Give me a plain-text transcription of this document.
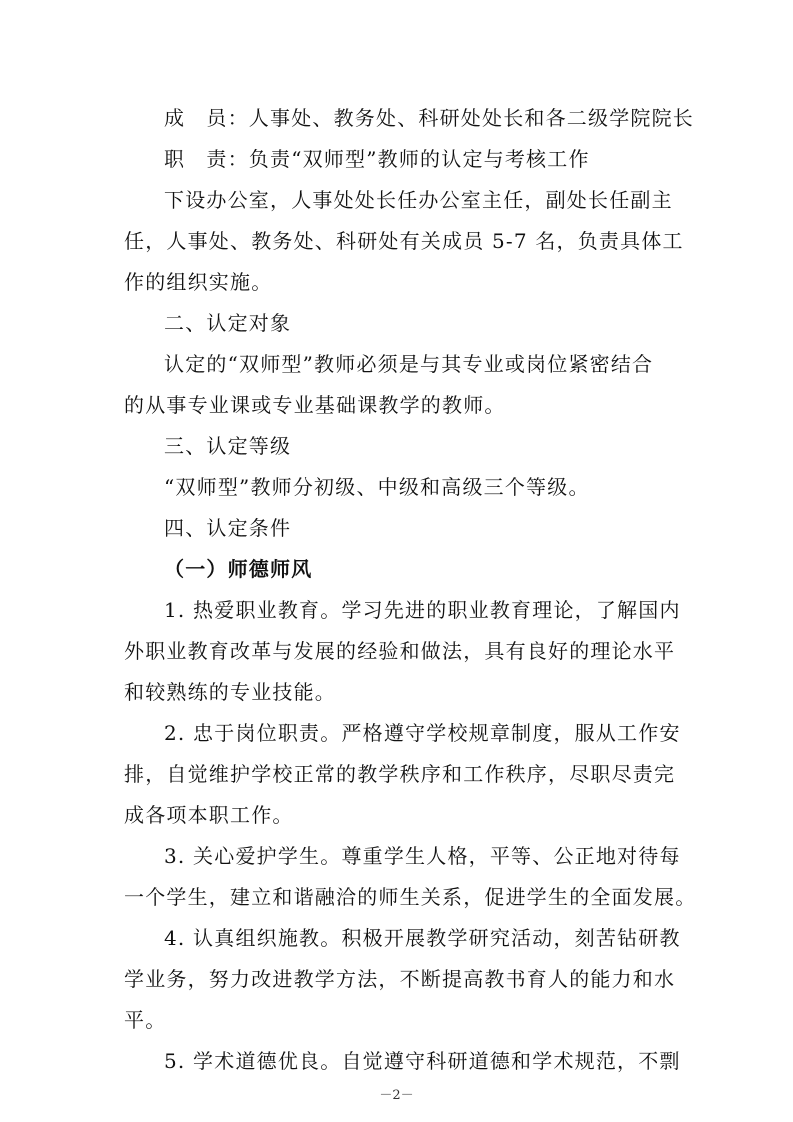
成　员：人事处、教务处、科研处处长和各二级学院院长
职　责：负责“双师型”教师的认定与考核工作
下设办公室，人事处处长任办公室主任，副处长任副主
任，人事处、教务处、科研处有关成员 5-7 名，负责具体工
作的组织实施。
二、认定对象
认定的“双师型”教师必须是与其专业或岗位紧密结合
的从事专业课或专业基础课教学的教师。
三、认定等级
“双师型”教师分初级、中级和高级三个等级。
四、认定条件
（一）师德师风
1. 热爱职业教育。学习先进的职业教育理论，了解国内
外职业教育改革与发展的经验和做法，具有良好的理论水平
和较熟练的专业技能。
2. 忠于岗位职责。严格遵守学校规章制度，服从工作安
排，自觉维护学校正常的教学秩序和工作秩序，尽职尽责完
成各项本职工作。
3. 关心爱护学生。尊重学生人格，平等、公正地对待每
一个学生，建立和谐融洽的师生关系，促进学生的全面发展。
4. 认真组织施教。积极开展教学研究活动，刻苦钻研教
学业务，努力改进教学方法，不断提高教书育人的能力和水
平。
5. 学术道德优良。自觉遵守科研道德和学术规范，不剽
－2－
